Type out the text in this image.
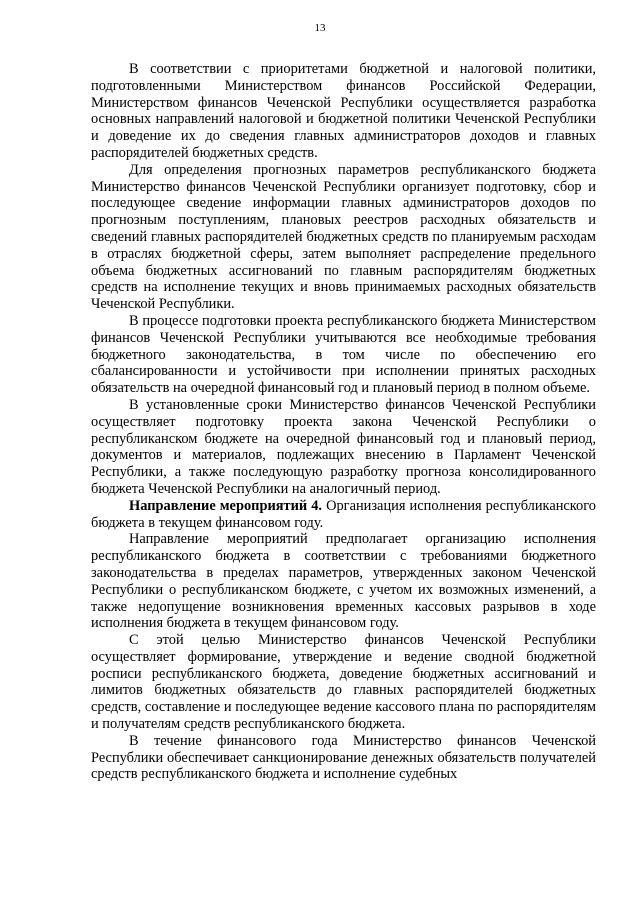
13

В соответствии с приоритетами бюджетной и налоговой политики, подготовленными Министерством финансов Российской Федерации, Министерством финансов Чеченской Республики осуществляется разработка основных направлений налоговой и бюджетной политики Чеченской Республики и доведение их до сведения главных администраторов доходов и главных распорядителей бюджетных средств.

Для определения прогнозных параметров республиканского бюджета Министерство финансов Чеченской Республики организует подготовку, сбор и последующее сведение информации главных администраторов доходов по прогнозным поступлениям, плановых реестров расходных обязательств и сведений главных распорядителей бюджетных средств по планируемым расходам в отраслях бюджетной сферы, затем выполняет распределение предельного объема бюджетных ассигнований по главным распорядителям бюджетных средств на исполнение текущих и вновь принимаемых расходных обязательств Чеченской Республики.

В процессе подготовки проекта республиканского бюджета Министерством финансов Чеченской Республики учитываются все необходимые требования бюджетного законодательства, в том числе по обеспечению его сбалансированности и устойчивости при исполнении принятых расходных обязательств на очередной финансовый год и плановый период в полном объеме.

В установленные сроки Министерство финансов Чеченской Республики осуществляет подготовку проекта закона Чеченской Республики о республиканском бюджете на очередной финансовый год и плановый период, документов и материалов, подлежащих внесению в Парламент Чеченской Республики, а также последующую разработку прогноза консолидированного бюджета Чеченской Республики на аналогичный период.

Направление мероприятий 4. Организация исполнения республиканского бюджета в текущем финансовом году.

Направление мероприятий предполагает организацию исполнения республиканского бюджета в соответствии с требованиями бюджетного законодательства в пределах параметров, утвержденных законом Чеченской Республики о республиканском бюджете, с учетом их возможных изменений, а также недопущение возникновения временных кассовых разрывов в ходе исполнения бюджета в текущем финансовом году.

С этой целью Министерство финансов Чеченской Республики осуществляет формирование, утверждение и ведение сводной бюджетной росписи республиканского бюджета, доведение бюджетных ассигнований и лимитов бюджетных обязательств до главных распорядителей бюджетных средств, составление и последующее ведение кассового плана по распорядителям и получателям средств республиканского бюджета.

В течение финансового года Министерство финансов Чеченской Республики обеспечивает санкционирование денежных обязательств получателей средств республиканского бюджета и исполнение судебных
